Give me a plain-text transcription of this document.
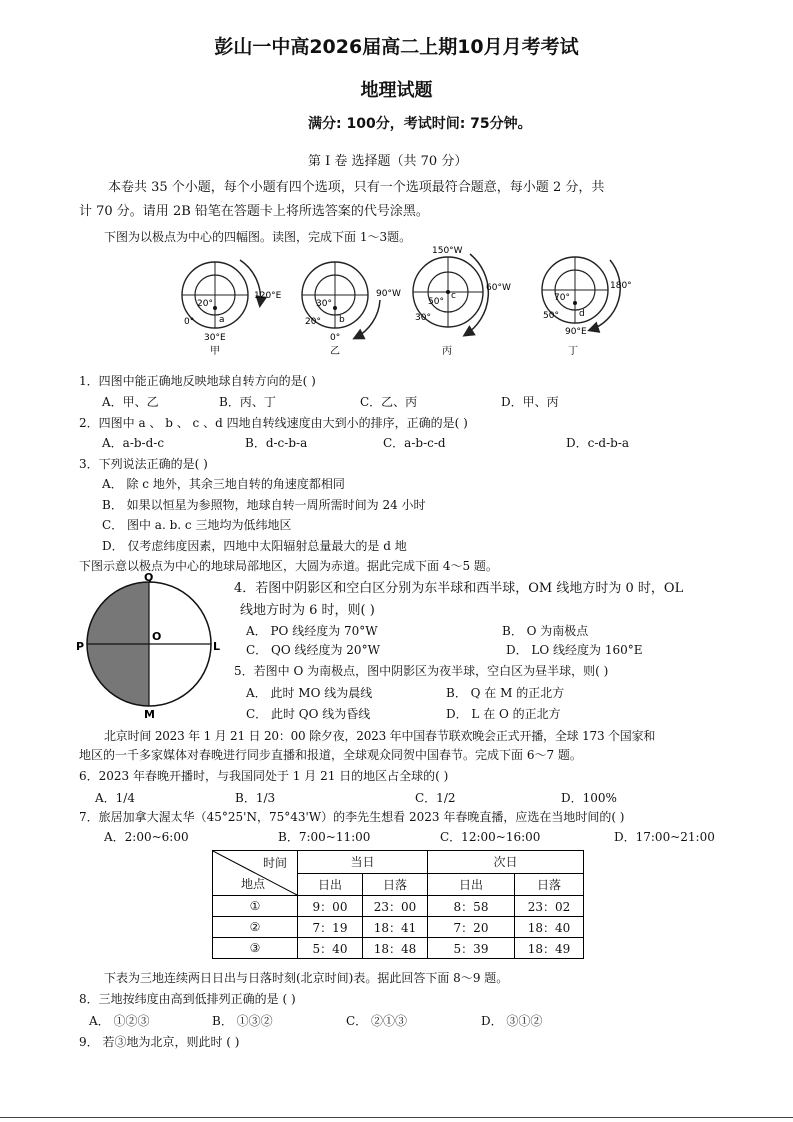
彭山一中高2026届高二上期10月月考考试
地理试题
满分: 100分，考试时间: 75分钟。
第 I 卷 选择题（共 70 分）
本卷共 35 个小题，每个小题有四个选项，只有一个选项最符合题意，每小题 2 分，共
计 70 分。请用 2B 铅笔在答题卡上将所选答案的代号涂黑。
下图为以极点为中心的四幅图。读图，完成下面 1～3题。
a
120°E
20°
0°
30°E
甲
b
90°W
30°
20°
0°
乙
c
150°W
60°W
50°
30°
丙
d
180°
70°
50°
90°E
丁
1．四图中能正确地反映地球自转方向的是( )
A．甲、乙	B．丙、丁	C．乙、丙	D．甲、丙
2．四图中 a 、 b 、 c 、d 四地自转线速度由大到小的排序，正确的是( )
A．a-b-d-c	B．d-c-b-a	C．a-b-c-d	D．c-d-b-a
3．下列说法正确的是( )
A． 除 c 地外，其余三地自转的角速度都相同
B． 如果以恒星为参照物，地球自转一周所需时间为 24 小时
C． 图中 a. b. c 三地均为低纬地区
D． 仅考虑纬度因素，四地中太阳辐射总量最大的是 d 地
下图示意以极点为中心的地球局部地区，大圆为赤道。据此完成下面 4～5 题。
Q
P
O
L
M
4．若图中阴影区和空白区分别为东半球和西半球，OM 线地方时为 0 时，OL
线地方时为 6 时，则( )
A． PO 线经度为 70°W	B． O 为南极点
C． QO 线经度为 20°W	D． LO 线经度为 160°E
5．若图中 O 为南极点，图中阴影区为夜半球，空白区为昼半球，则( )
A． 此时 MO 线为晨线	B． Q 在 M 的正北方
C． 此时 QO 线为昏线	D． L 在 O 的正北方
北京时间 2023 年 1 月 21 日 20：00 除夕夜，2023 年中国春节联欢晚会正式开播，全球 173 个国家和
地区的一千多家媒体对春晚进行同步直播和报道，全球观众同贺中国春节。完成下面 6～7 题。
6．2023 年春晚开播时，与我国同处于 1 月 21 日的地区占全球的( )
A．1/4	B．1/3	C．1/2	D．100%
7．旅居加拿大渥太华（45°25'N，75°43'W）的李先生想看 2023 年春晚直播，应选在当地时间的( )
A．2:00~6:00	B．7:00~11:00	C．12:00~16:00	D．17:00~21:00
时间
地点	当日		次日	
	日出	日落	日出	日落
①	9：00	23：00	8：58	23：02
②	7：19	18：41	7：20	18：40
③	5：40	18：48	5：39	18：49
下表为三地连续两日日出与日落时刻(北京时间)表。据此回答下面 8～9 题。
8．三地按纬度由高到低排列正确的是 ( )
A． ①②③	B． ①③②	C． ②①③	D． ③①②
9． 若③地为北京，则此时 ( )
